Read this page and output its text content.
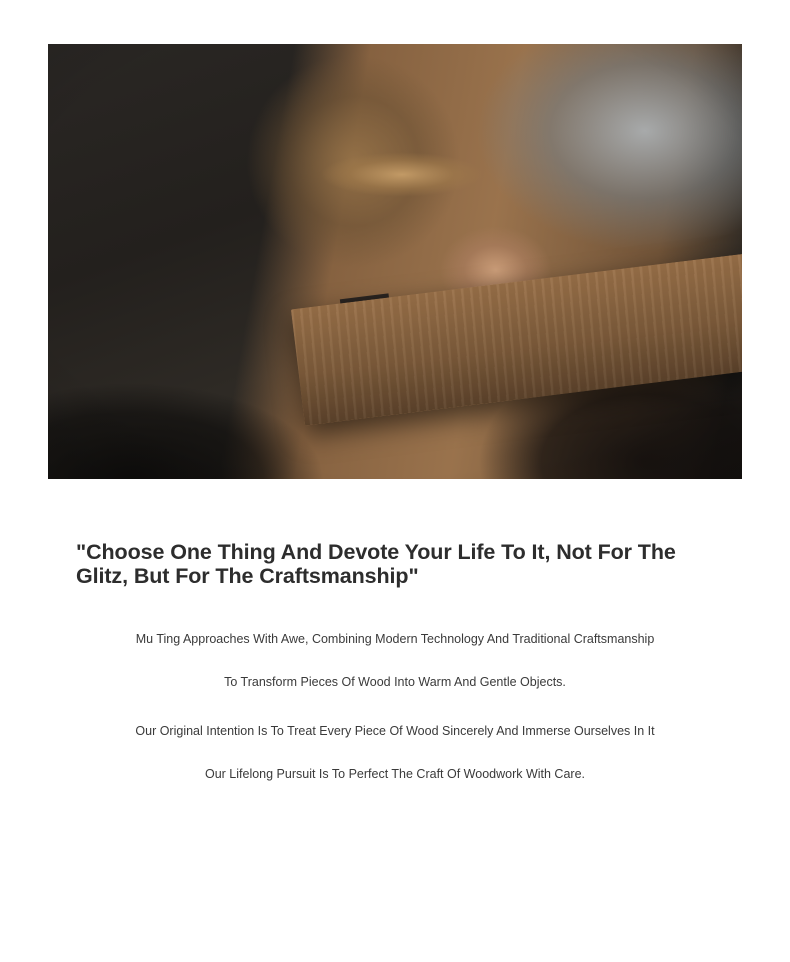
"Choose One Thing And Devote Your Life To It, Not For The Glitz, But For The Craftsmanship"

Mu Ting Approaches With Awe, Combining Modern Technology And Traditional Craftsmanship

To Transform Pieces Of Wood Into Warm And Gentle Objects.

Our Original Intention Is To Treat Every Piece Of Wood Sincerely And Immerse Ourselves In It

Our Lifelong Pursuit Is To Perfect The Craft Of Woodwork With Care.
